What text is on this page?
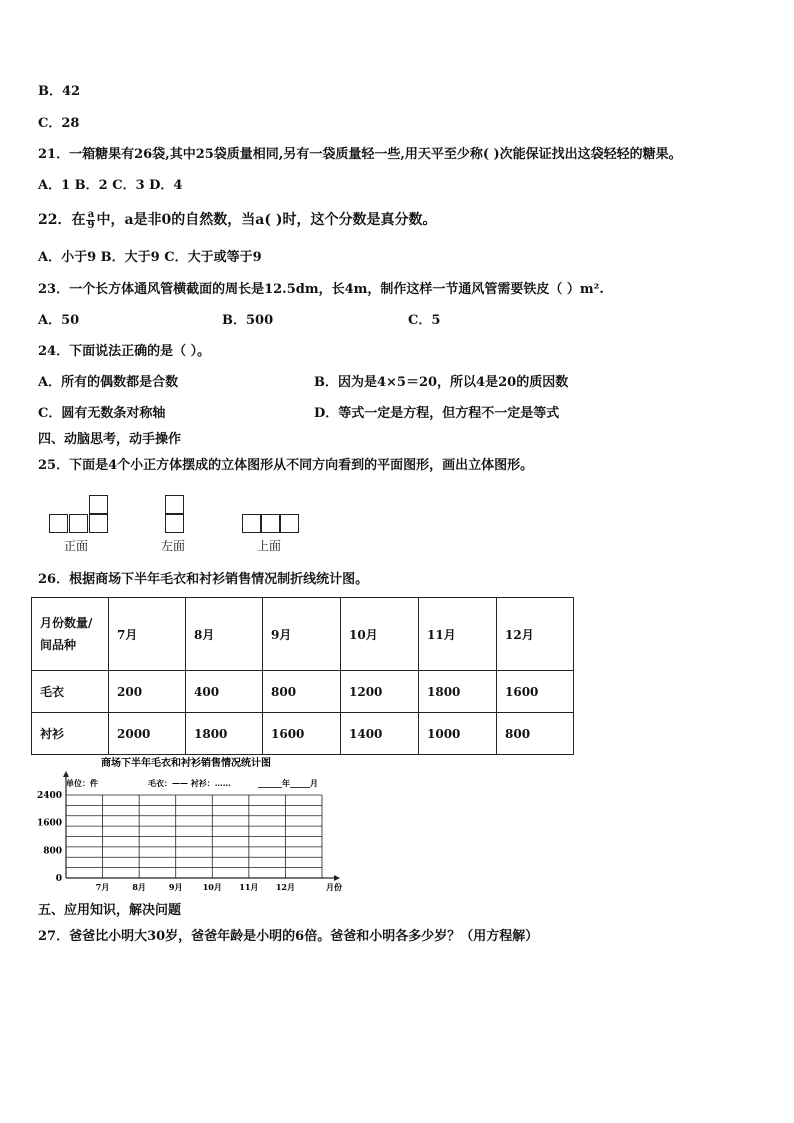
B．42
C．28
21．一箱糖果有26袋,其中25袋质量相同,另有一袋质量轻一些,用天平至少称( )次能保证找出这袋轻轻的糖果。
A．1 B．2 C．3 D．4
22．在 $\frac{a}{9}$ 中，a是非0的自然数，当a( )时，这个分数是真分数。
A．小于9 B．大于9 C．大于或等于9
23．一个长方体通风管横截面的周长是12.5dm，长4m，制作这样一节通风管需要铁皮（ ）m².
A．50	B．500	C．5
24．下面说法正确的是（ ）。
A．所有的偶数都是合数	B．因为是4×5＝20，所以4是20的质因数
C．圆有无数条对称轴	D．等式一定是方程，但方程不一定是等式
四、动脑思考，动手操作
25．下面是4个小正方体摆成的立体图形从不同方向看到的平面图形，画出立体图形。
正面	左面	上面
26．根据商场下半年毛衣和衬衫销售情况制折线统计图。
月份数量/
间品种	7月	8月	9月	10月	11月	12月
毛衣	200	400	800	1200	1800	1600
衬衫	2000	1800	1600	1400	1000	800
商场下半年毛衣和衬衫销售情况统计图
单位：件	毛衣：—— 衬衫：……	______年_____月
2400
1600
800
0
7月	8月	9月	10月 11月 12月	月份
五、应用知识，解决问题
27．爸爸比小明大30岁，爸爸年龄是小明的6倍。爸爸和小明各多少岁？（用方程解）
